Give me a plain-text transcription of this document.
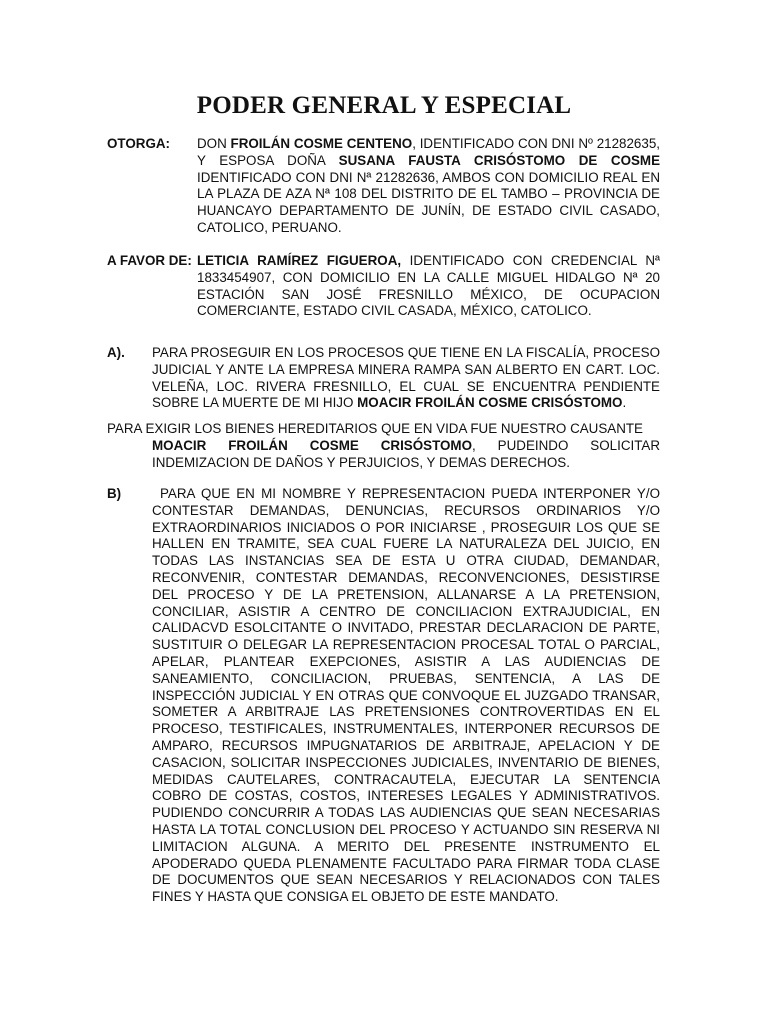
PODER GENERAL Y ESPECIAL

OTORGA: DON FROILÁN COSME CENTENO, IDENTIFICADO CON DNI Nº 21282635, Y ESPOSA DOÑA SUSANA FAUSTA CRISÓSTOMO DE COSME IDENTIFICADO CON DNI Nª 21282636, AMBOS CON DOMICILIO REAL EN LA PLAZA DE AZA Nª 108 DEL DISTRITO DE EL TAMBO – PROVINCIA DE HUANCAYO DEPARTAMENTO DE JUNÍN, DE ESTADO CIVIL CASADO, CATOLICO, PERUANO.

A FAVOR DE: LETICIA RAMÍREZ FIGUEROA, IDENTIFICADO CON CREDENCIAL Nª 1833454907, CON DOMICILIO EN LA CALLE MIGUEL HIDALGO Nª 20 ESTACIÓN SAN JOSÉ FRESNILLO MÉXICO, DE OCUPACION COMERCIANTE, ESTADO CIVIL CASADA, MÉXICO, CATOLICO.

A). PARA PROSEGUIR EN LOS PROCESOS QUE TIENE EN LA FISCALÍA, PROCESO JUDICIAL Y ANTE LA EMPRESA MINERA RAMPA SAN ALBERTO EN CART. LOC. VELEÑA, LOC. RIVERA FRESNILLO, EL CUAL SE ENCUENTRA PENDIENTE SOBRE LA MUERTE DE MI HIJO MOACIR FROILÁN COSME CRISÓSTOMO.

PARA EXIGIR LOS BIENES HEREDITARIOS QUE EN VIDA FUE NUESTRO CAUSANTE
MOACIR FROILÁN COSME CRISÓSTOMO, PUDEINDO SOLICITAR INDEMIZACION DE DAÑOS Y PERJUICIOS, Y DEMAS DERECHOS.

B)	PARA QUE EN MI NOMBRE Y REPRESENTACION PUEDA INTERPONER Y/O CONTESTAR DEMANDAS, DENUNCIAS, RECURSOS ORDINARIOS Y/O EXTRAORDINARIOS INICIADOS O POR INICIARSE , PROSEGUIR LOS QUE SE HALLEN EN TRAMITE, SEA CUAL FUERE LA NATURALEZA DEL JUICIO, EN TODAS LAS INSTANCIAS SEA DE ESTA U OTRA CIUDAD, DEMANDAR, RECONVENIR, CONTESTAR DEMANDAS, RECONVENCIONES, DESISTIRSE DEL PROCESO Y DE LA PRETENSION, ALLANARSE A LA PRETENSION, CONCILIAR, ASISTIR A CENTRO DE CONCILIACION EXTRAJUDICIAL, EN CALIDACVD ESOLCITANTE O INVITADO, PRESTAR DECLARACION DE PARTE, SUSTITUIR O DELEGAR LA REPRESENTACION PROCESAL TOTAL O PARCIAL, APELAR, PLANTEAR EXEPCIONES, ASISTIR A LAS AUDIENCIAS DE SANEAMIENTO, CONCILIACION, PRUEBAS, SENTENCIA, A LAS DE INSPECCIÓN JUDICIAL Y EN OTRAS QUE CONVOQUE EL JUZGADO TRANSAR, SOMETER A ARBITRAJE LAS PRETENSIONES CONTROVERTIDAS EN EL PROCESO, TESTIFICALES, INSTRUMENTALES, INTERPONER RECURSOS DE AMPARO, RECURSOS IMPUGNATARIOS DE ARBITRAJE, APELACION Y DE CASACION, SOLICITAR INSPECCIONES JUDICIALES, INVENTARIO DE BIENES, MEDIDAS CAUTELARES, CONTRACAUTELA, EJECUTAR LA SENTENCIA COBRO DE COSTAS, COSTOS, INTERESES LEGALES Y ADMINISTRATIVOS. PUDIENDO CONCURRIR A TODAS LAS AUDIENCIAS QUE SEAN NECESARIAS HASTA LA TOTAL CONCLUSION DEL PROCESO Y ACTUANDO SIN RESERVA NI LIMITACION ALGUNA. A MERITO DEL PRESENTE INSTRUMENTO EL APODERADO QUEDA PLENAMENTE FACULTADO PARA FIRMAR TODA CLASE DE DOCUMENTOS QUE SEAN NECESARIOS Y RELACIONADOS CON TALES FINES Y HASTA QUE CONSIGA EL OBJETO DE ESTE MANDATO.
